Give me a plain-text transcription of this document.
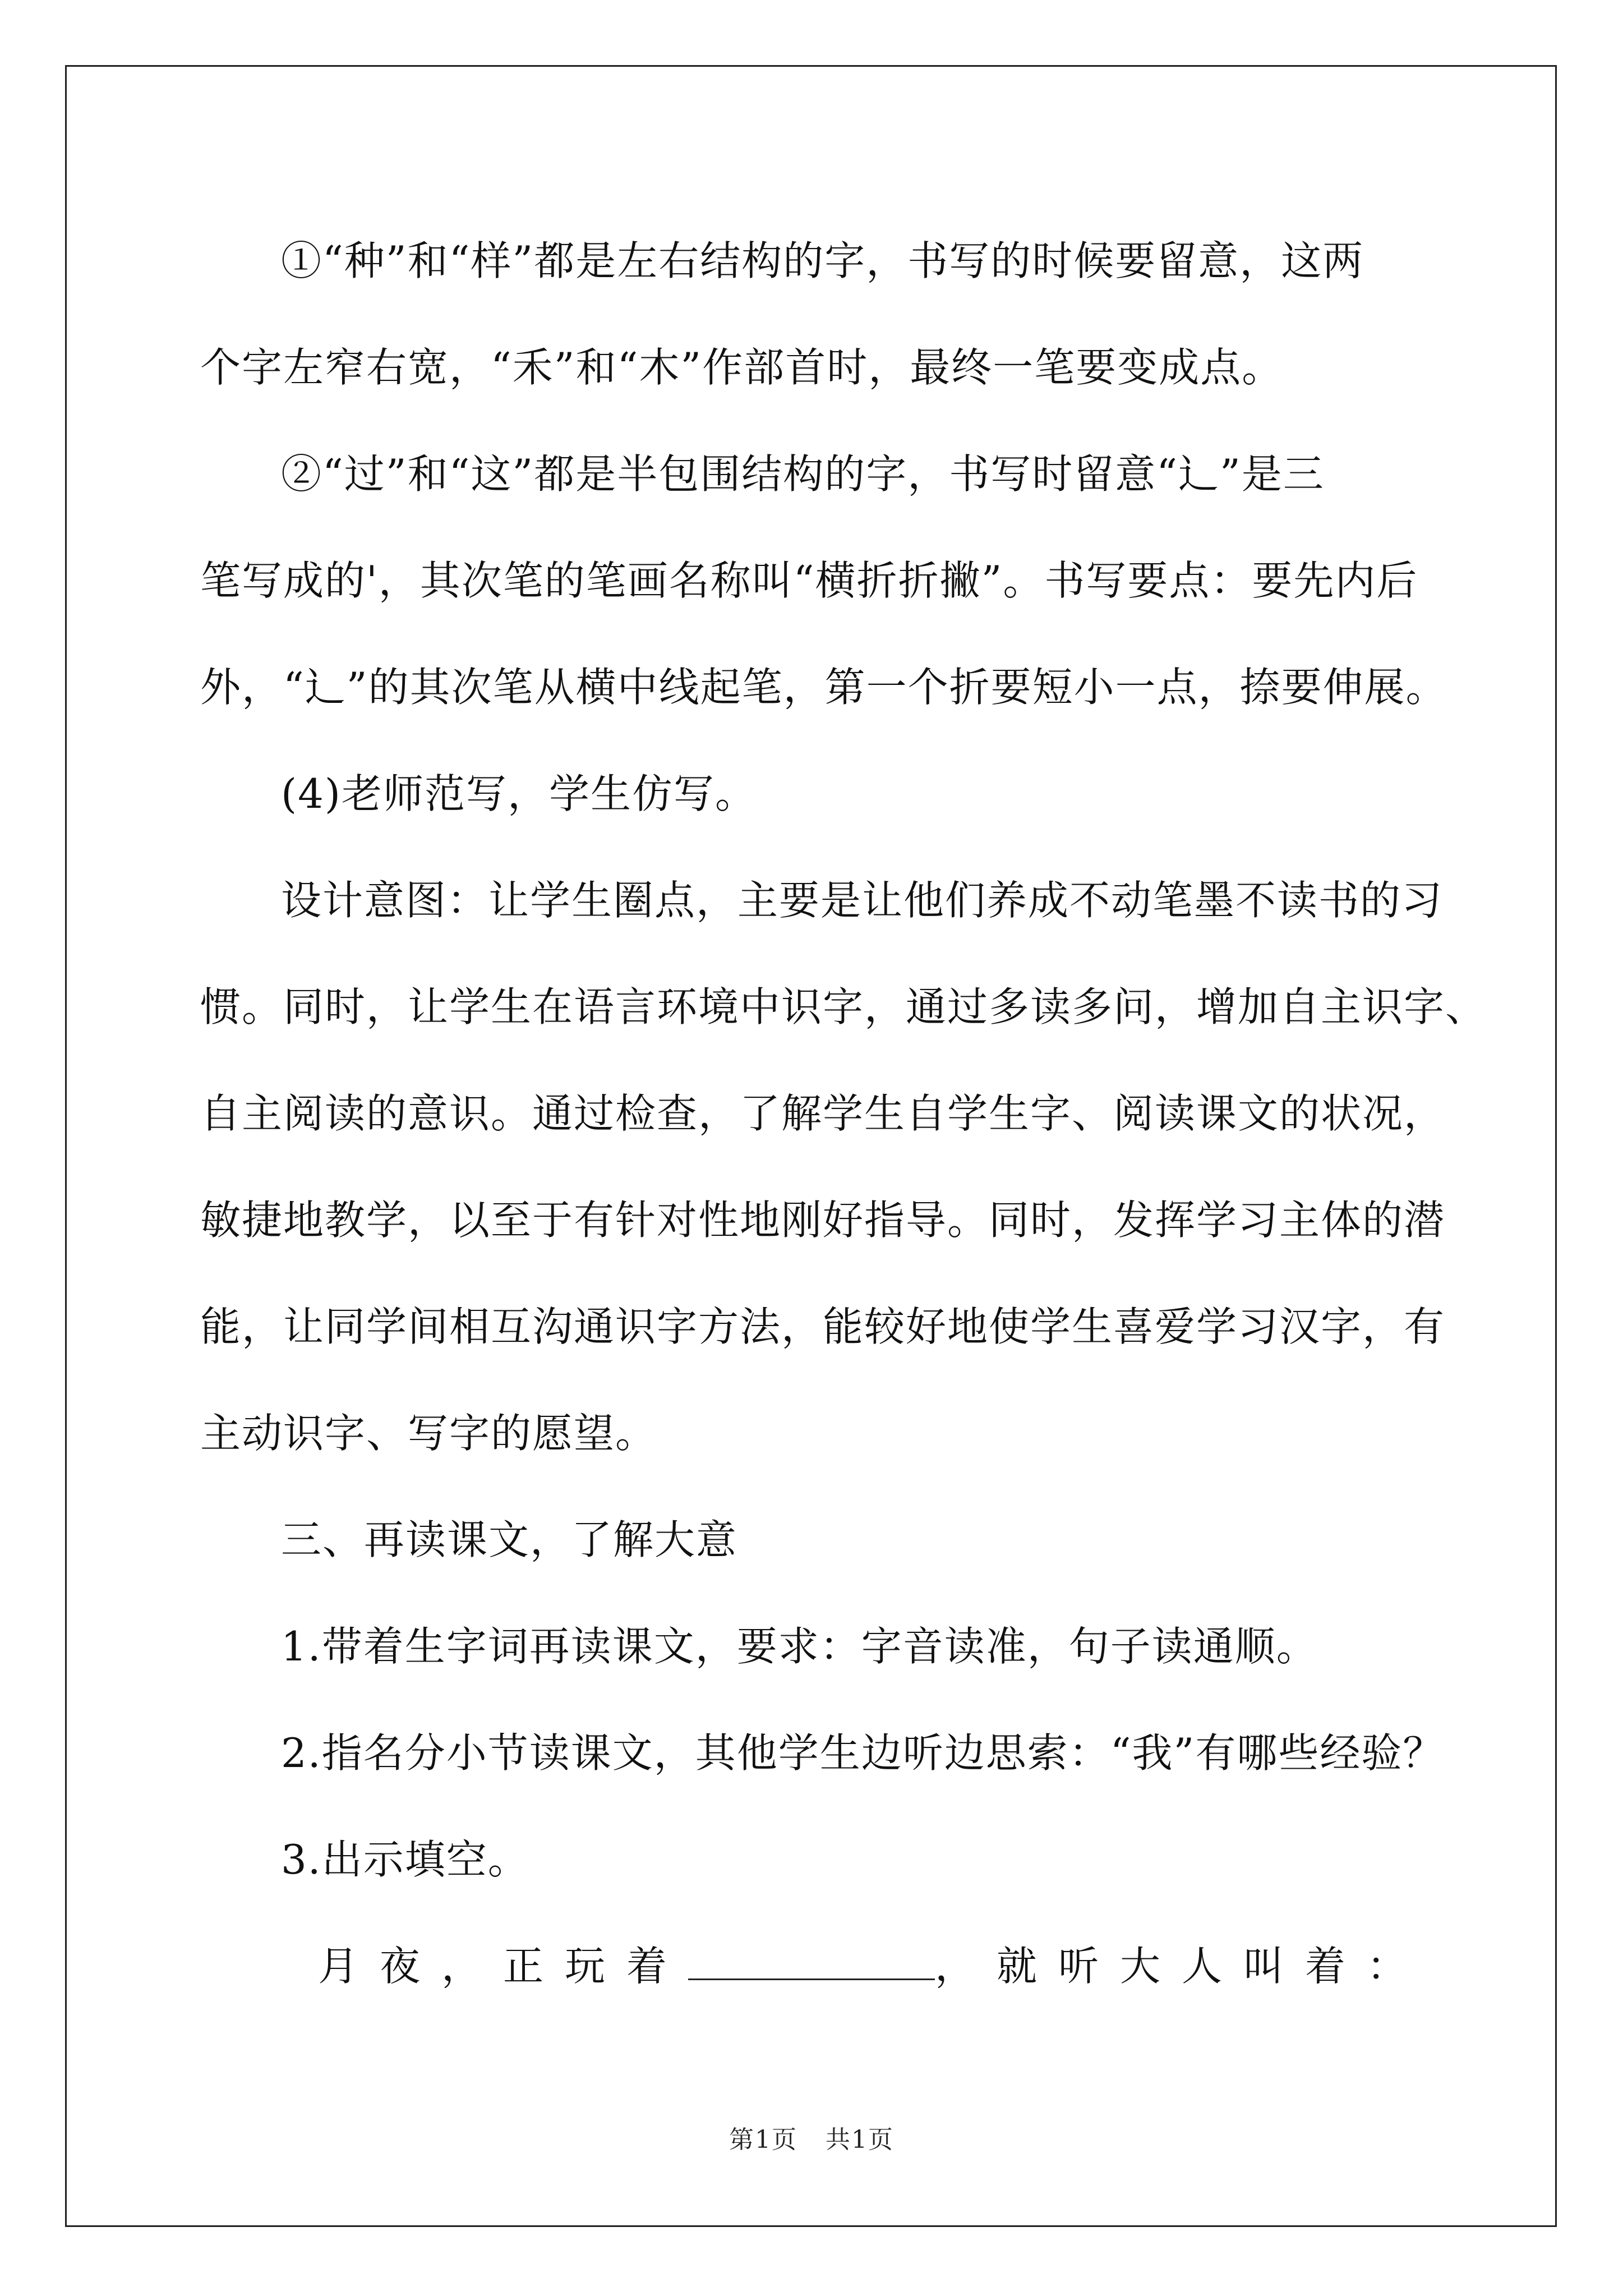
①“种”和“样”都是左右结构的字，书写的时候要留意，这两

个字左窄右宽，“禾”和“木”作部首时，最终一笔要变成点。

②“过”和“这”都是半包围结构的字，书写时留意“辶”是三

笔写成的'，其次笔的笔画名称叫“横折折撇”。书写要点：要先内后

外，“辶”的其次笔从横中线起笔，第一个折要短小一点，捺要伸展。

(4)老师范写，学生仿写。

设计意图：让学生圈点，主要是让他们养成不动笔墨不读书的习

惯。同时，让学生在语言环境中识字，通过多读多问，增加自主识字、

自主阅读的意识。通过检查，了解学生自学生字、阅读课文的状况，

敏捷地教学，以至于有针对性地刚好指导。同时，发挥学习主体的潜

能，让同学间相互沟通识字方法，能较好地使学生喜爱学习汉字，有

主动识字、写字的愿望。

三、再读课文，了解大意

1.带着生字词再读课文，要求：字音读准，句子读通顺。

2.指名分小节读课文，其他学生边听边思索：“我”有哪些经验？

3.出示填空。

月夜，正玩着	，就听大人叫着：

第1页 共1页
